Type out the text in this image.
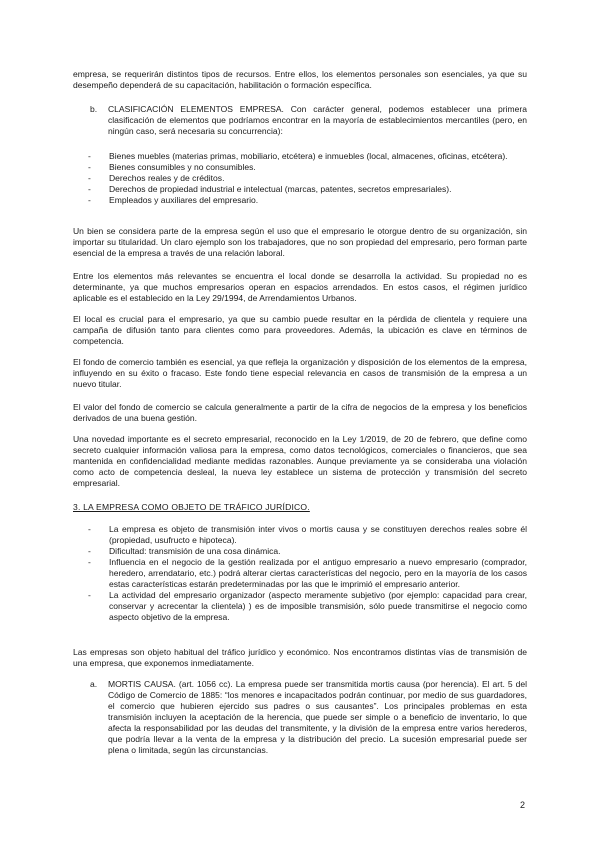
empresa, se requerirán distintos tipos de recursos. Entre ellos, los elementos personales son esenciales, ya que su desempeño dependerá de su capacitación, habilitación o formación específica.

b.	CLASIFICACIÓN ELEMENTOS EMPRESA. Con carácter general, podemos establecer una primera clasificación de elementos que podríamos encontrar en la mayoría de establecimientos mercantiles (pero, en ningún caso, será necesaria su concurrencia):

- Bienes muebles (materias primas, mobiliario, etcétera) e inmuebles (local, almacenes, oficinas, etcétera).
- Bienes consumibles y no consumibles.
- Derechos reales y de créditos.
- Derechos de propiedad industrial e intelectual (marcas, patentes, secretos empresariales).
- Empleados y auxiliares del empresario.

Un bien se considera parte de la empresa según el uso que el empresario le otorgue dentro de su organización, sin importar su titularidad. Un claro ejemplo son los trabajadores, que no son propiedad del empresario, pero forman parte esencial de la empresa a través de una relación laboral.

Entre los elementos más relevantes se encuentra el local donde se desarrolla la actividad. Su propiedad no es determinante, ya que muchos empresarios operan en espacios arrendados. En estos casos, el régimen jurídico aplicable es el establecido en la Ley 29/1994, de Arrendamientos Urbanos.

El local es crucial para el empresario, ya que su cambio puede resultar en la pérdida de clientela y requiere una campaña de difusión tanto para clientes como para proveedores. Además, la ubicación es clave en términos de competencia.

El fondo de comercio también es esencial, ya que refleja la organización y disposición de los elementos de la empresa, influyendo en su éxito o fracaso. Este fondo tiene especial relevancia en casos de transmisión de la empresa a un nuevo titular.

El valor del fondo de comercio se calcula generalmente a partir de la cifra de negocios de la empresa y los beneficios derivados de una buena gestión.

Una novedad importante es el secreto empresarial, reconocido en la Ley 1/2019, de 20 de febrero, que define como secreto cualquier información valiosa para la empresa, como datos tecnológicos, comerciales o financieros, que sea mantenida en confidencialidad mediante medidas razonables. Aunque previamente ya se consideraba una violación como acto de competencia desleal, la nueva ley establece un sistema de protección y transmisión del secreto empresarial.

3. LA EMPRESA COMO OBJETO DE TRÁFICO JURÍDICO.

- La empresa es objeto de transmisión inter vivos o mortis causa y se constituyen derechos reales sobre él (propiedad, usufructo e hipoteca).
- Dificultad: transmisión de una cosa dinámica.
- Influencia en el negocio de la gestión realizada por el antiguo empresario a nuevo empresario (comprador, heredero, arrendatario, etc.) podrá alterar ciertas características del negocio, pero en la mayoría de los casos estas características estarán predeterminadas por las que le imprimió el empresario anterior.
- La actividad del empresario organizador (aspecto meramente subjetivo (por ejemplo: capacidad para crear, conservar y acrecentar la clientela) ) es de imposible transmisión, sólo puede transmitirse el negocio como aspecto objetivo de la empresa.

Las empresas son objeto habitual del tráfico jurídico y económico. Nos encontramos distintas vías de transmisión de una empresa, que exponemos inmediatamente.

a.	MORTIS CAUSA. (art. 1056 cc). La empresa puede ser transmitida mortis causa (por herencia). El art. 5 del Código de Comercio de 1885: “los menores e incapacitados podrán continuar, por medio de sus guardadores, el comercio que hubieren ejercido sus padres o sus causantes”. Los principales problemas en esta transmisión incluyen la aceptación de la herencia, que puede ser simple o a beneficio de inventario, lo que afecta la responsabilidad por las deudas del transmitente, y la división de la empresa entre varios herederos, que podría llevar a la venta de la empresa y la distribución del precio. La sucesión empresarial puede ser plena o limitada, según las circunstancias.

2
